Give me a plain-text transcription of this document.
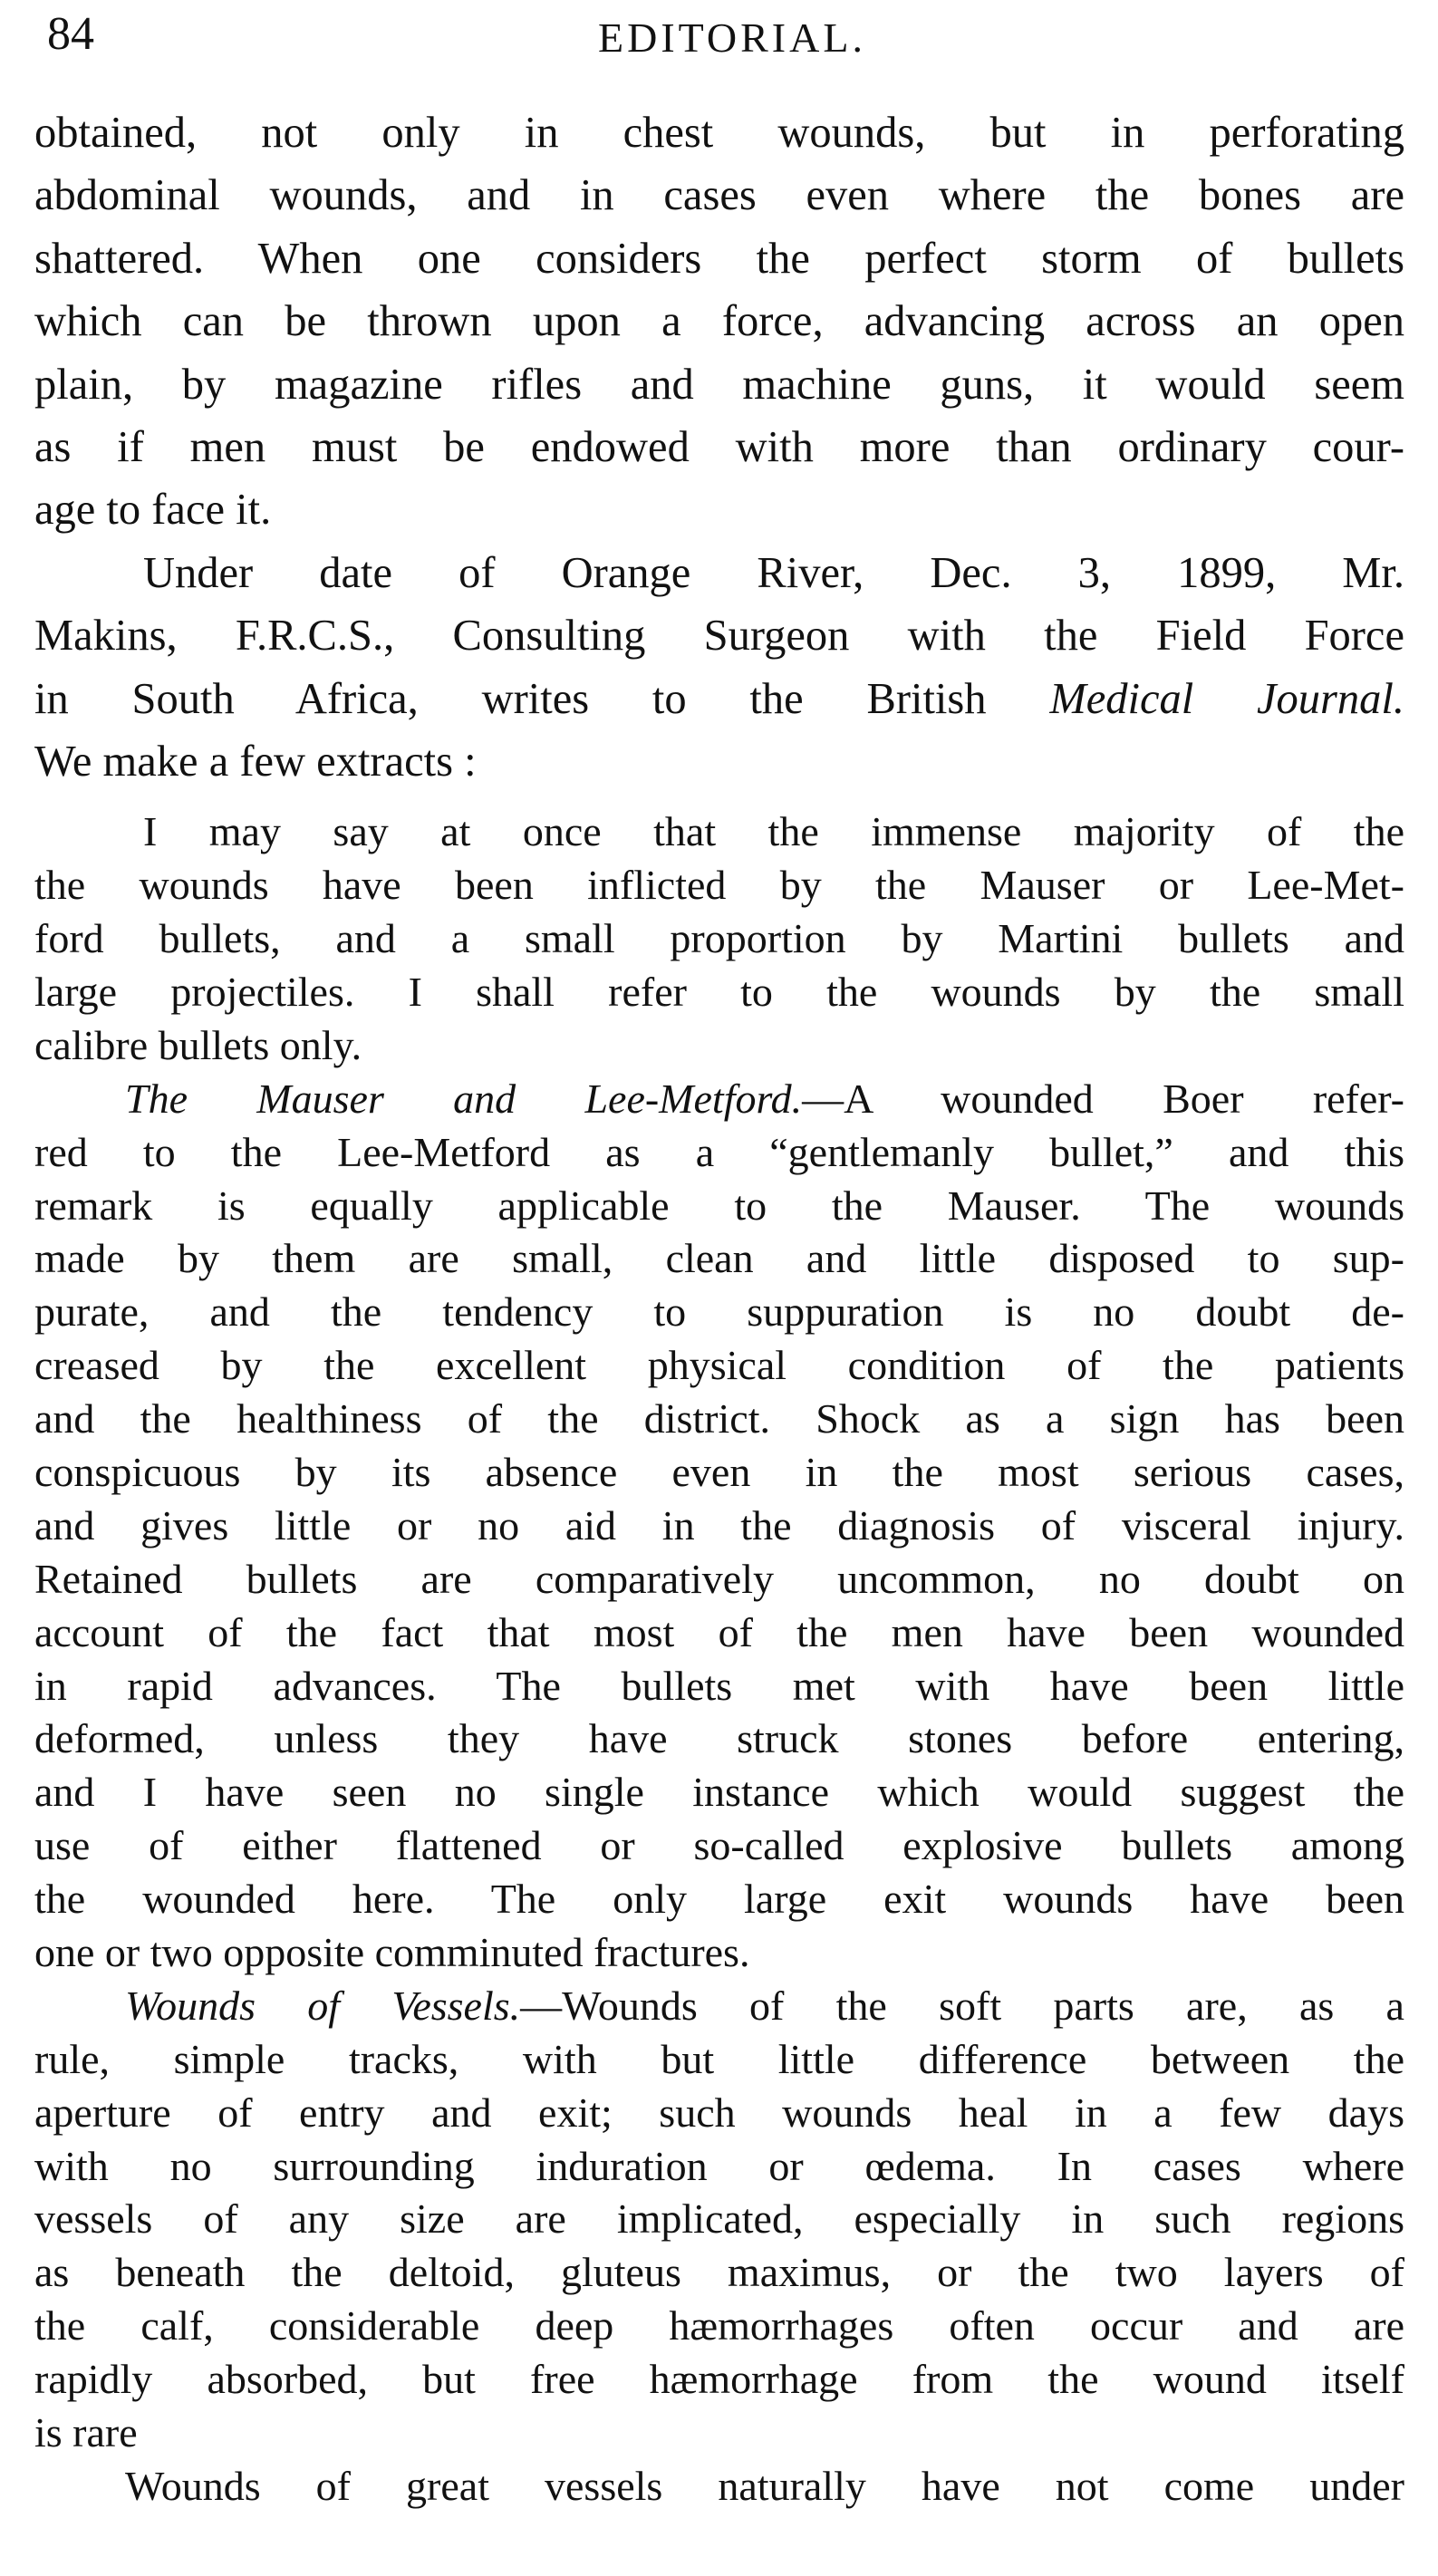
84	EDITORIAL.
obtained, not only in chest wounds, but in perforating
abdominal wounds, and in cases even where the bones are
shattered. When one considers the perfect storm of bullets
which can be thrown upon a force, advancing across an open
plain, by magazine rifles and machine guns, it would seem
as if men must be endowed with more than ordinary cour-
age to face it.
Under date of Orange River, Dec. 3, 1899, Mr.
Makins, F.R.C.S., Consulting Surgeon with the Field Force
in South Africa, writes to the British Medical Journal.
We make a few extracts :
I may say at once that the immense majority of the
the wounds have been inflicted by the Mauser or Lee-Met-
ford bullets, and a small proportion by Martini bullets and
large projectiles. I shall refer to the wounds by the small
calibre bullets only.
The Mauser and Lee-Metford.—A wounded Boer refer-
red to the Lee-Metford as a “gentlemanly bullet,” and this
remark is equally applicable to the Mauser. The wounds
made by them are small, clean and little disposed to sup-
purate, and the tendency to suppuration is no doubt de-
creased by the excellent physical condition of the patients
and the healthiness of the district. Shock as a sign has been
conspicuous by its absence even in the most serious cases,
and gives little or no aid in the diagnosis of visceral injury.
Retained bullets are comparatively uncommon, no doubt on
account of the fact that most of the men have been wounded
in rapid advances. The bullets met with have been little
deformed, unless they have struck stones before entering,
and I have seen no single instance which would suggest the
use of either flattened or so-called explosive bullets among
the wounded here. The only large exit wounds have been
one or two opposite comminuted fractures.
Wounds of Vessels.—Wounds of the soft parts are, as a
rule, simple tracks, with but little difference between the
aperture of entry and exit; such wounds heal in a few days
with no surrounding induration or œdema. In cases where
vessels of any size are implicated, especially in such regions
as beneath the deltoid, gluteus maximus, or the two layers of
the calf, considerable deep hæmorrhages often occur and are
rapidly absorbed, but free hæmorrhage from the wound itself
is rare
Wounds of great vessels naturally have not come under
